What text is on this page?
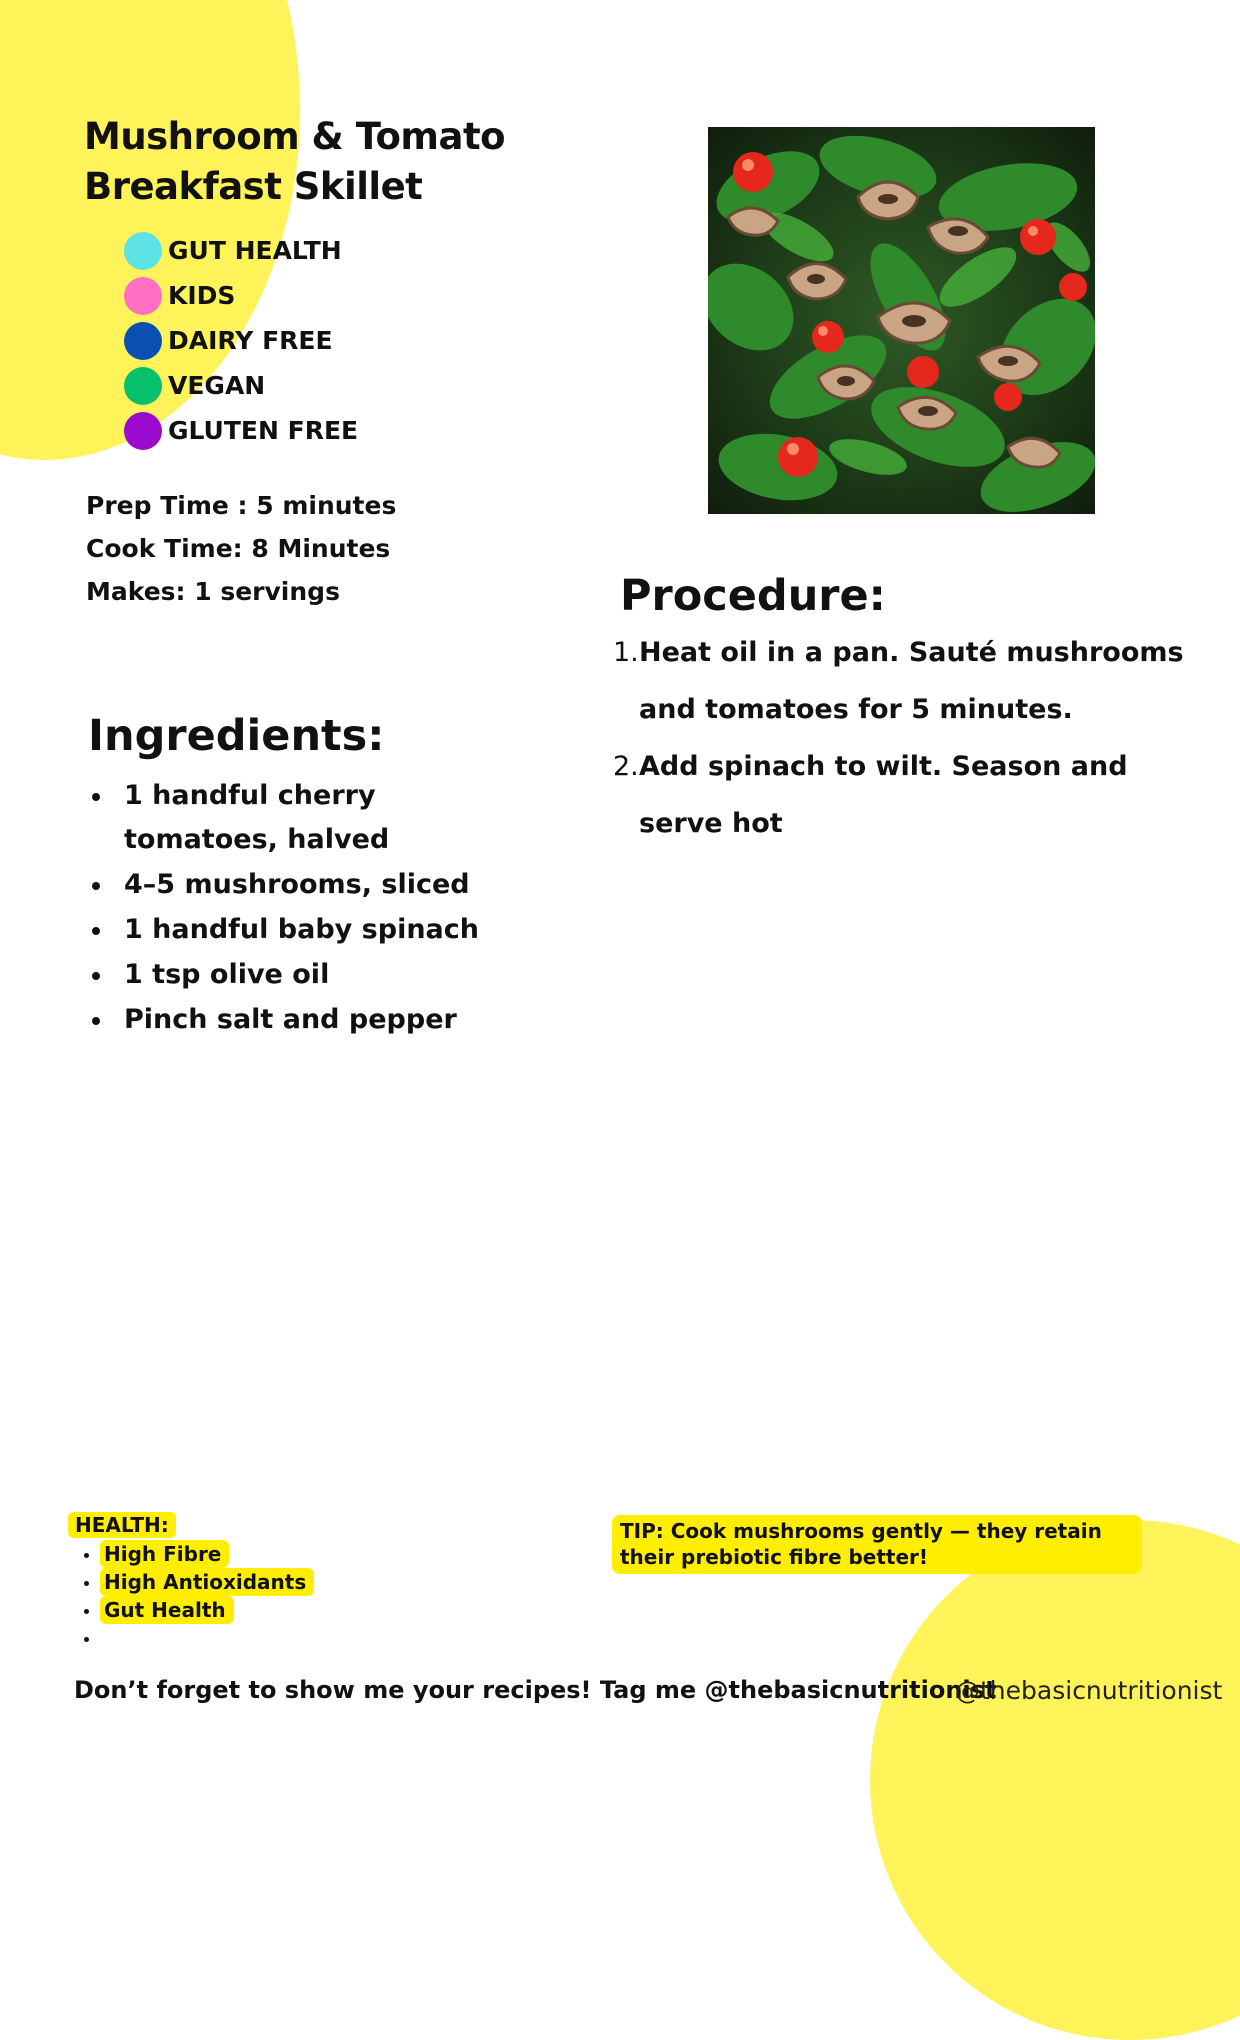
Mushroom & Tomato
Breakfast Skillet
GUT HEALTH
KIDS
DAIRY FREE
VEGAN
GLUTEN FREE
Prep Time : 5 minutes
Cook Time: 8 Minutes
Makes: 1 servings
Ingredients:
1 handful cherry tomatoes, halved
4–5 mushrooms, sliced
1 handful baby spinach
1 tsp olive oil
Pinch salt and pepper
Procedure:
1. Heat oil in a pan. Sauté mushrooms and tomatoes for 5 minutes.
2. Add spinach to wilt. Season and serve hot
HEALTH:
High Fibre
High Antioxidants
Gut Health
TIP: Cook mushrooms gently — they retain their prebiotic fibre better!
Don’t forget to show me your recipes! Tag me @thebasicnutritionist
@thebasicnutritionist
